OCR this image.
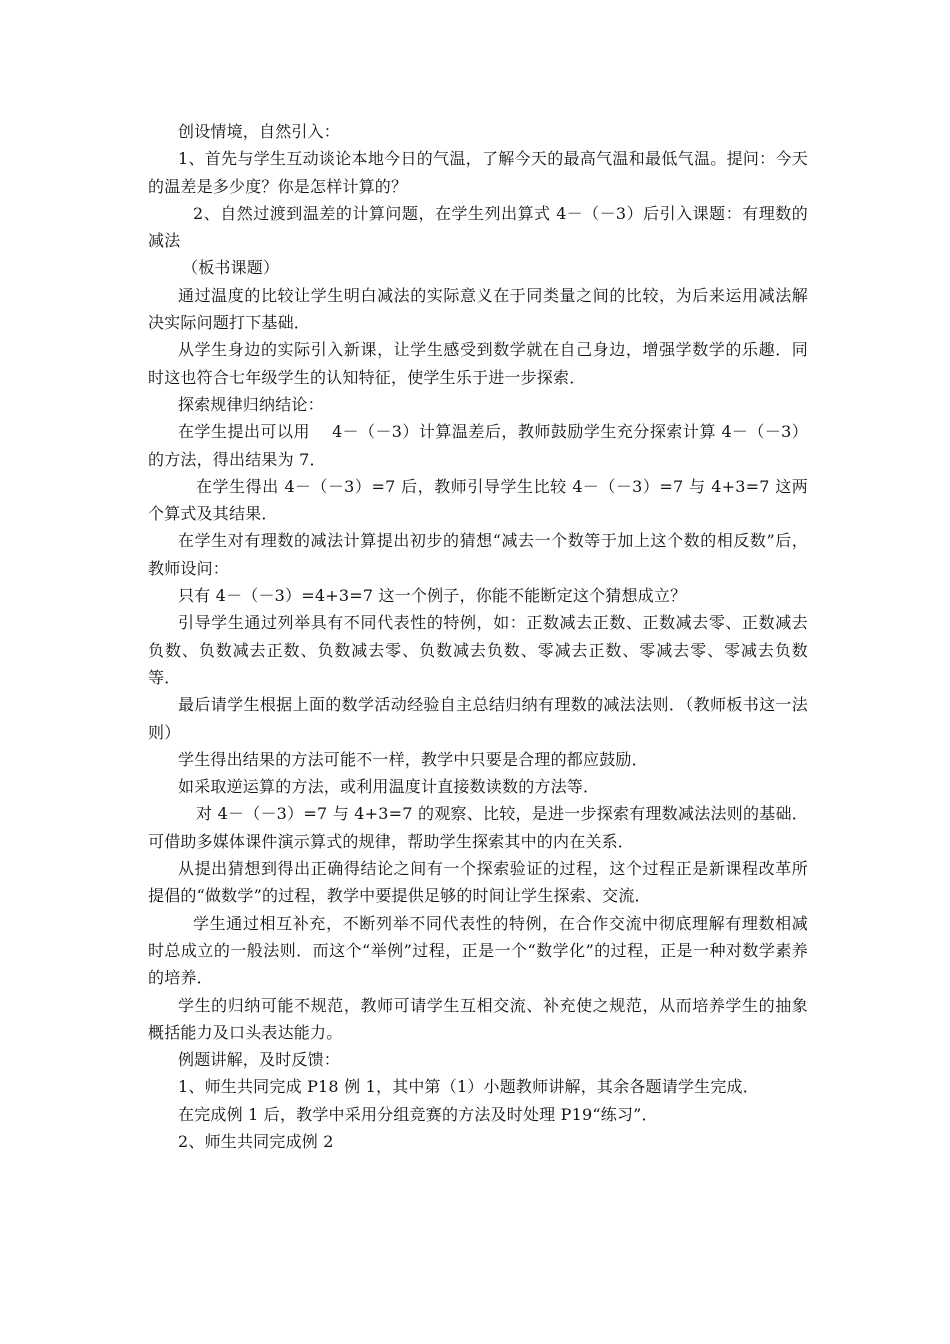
创设情境，自然引入：

1、首先与学生互动谈论本地今日的气温，了解今天的最高气温和最低气温。提问：今天的温差是多少度？你是怎样计算的？

2、自然过渡到温差的计算问题，在学生列出算式 4－（－3）后引入课题：有理数的减法

（板书课题）

通过温度的比较让学生明白减法的实际意义在于同类量之间的比较，为后来运用减法解决实际问题打下基础．

从学生身边的实际引入新课，让学生感受到数学就在自己身边，增强学数学的乐趣．同时这也符合七年级学生的认知特征，使学生乐于进一步探索．

探索规律归纳结论：

在学生提出可以用　 4－（－3）计算温差后，教师鼓励学生充分探索计算 4－（－3）的方法，得出结果为 7．

在学生得出 4－（－3）=7 后，教师引导学生比较 4－（－3）=7 与 4+3=7 这两个算式及其结果．

在学生对有理数的减法计算提出初步的猜想“减去一个数等于加上这个数的相反数”后，教师设问：

只有 4－（－3）=4+3=7 这一个例子，你能不能断定这个猜想成立？

引导学生通过列举具有不同代表性的特例，如：正数减去正数、正数减去零、正数减去负数、负数减去正数、负数减去零、负数减去负数、零减去正数、零减去零、零减去负数等．

最后请学生根据上面的数学活动经验自主总结归纳有理数的减法法则．（教师板书这一法则）

学生得出结果的方法可能不一样，教学中只要是合理的都应鼓励．

如采取逆运算的方法，或利用温度计直接数读数的方法等．

对 4－（－3）=7 与 4+3=7 的观察、比较，是进一步探索有理数减法法则的基础．可借助多媒体课件演示算式的规律，帮助学生探索其中的内在关系．

从提出猜想到得出正确得结论之间有一个探索验证的过程，这个过程正是新课程改革所提倡的“做数学”的过程，教学中要提供足够的时间让学生探索、交流．

学生通过相互补充，不断列举不同代表性的特例，在合作交流中彻底理解有理数相减时总成立的一般法则．而这个“举例”过程，正是一个“数学化”的过程，正是一种对数学素养的培养．

学生的归纳可能不规范，教师可请学生互相交流、补充使之规范，从而培养学生的抽象概括能力及口头表达能力。

例题讲解，及时反馈：

1、师生共同完成 P18 例 1，其中第（1）小题教师讲解，其余各题请学生完成．

在完成例 1 后，教学中采用分组竞赛的方法及时处理 P19“练习”．

2、师生共同完成例 2
